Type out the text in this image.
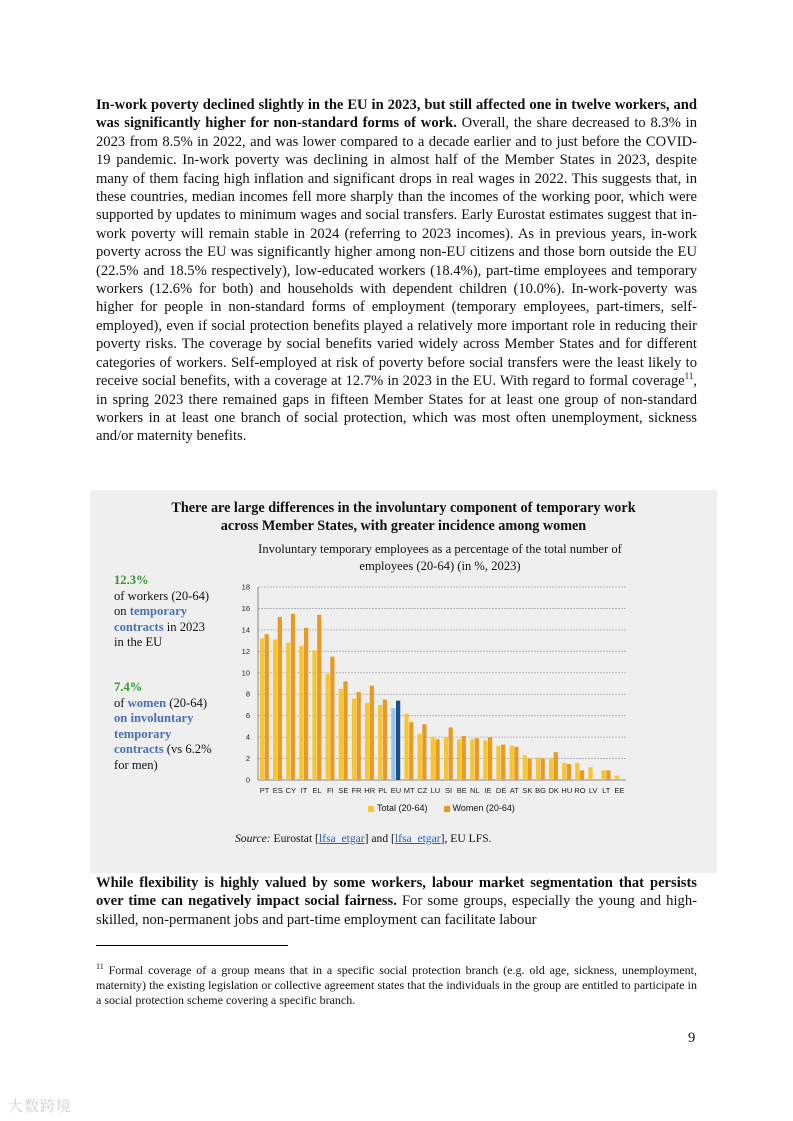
In-work poverty declined slightly in the EU in 2023, but still affected one in twelve workers, and was significantly higher for non-standard forms of work. Overall, the share decreased to 8.3% in 2023 from 8.5% in 2022, and was lower compared to a decade earlier and to just before the COVID-19 pandemic. In-work poverty was declining in almost half of the Member States in 2023, despite many of them facing high inflation and significant drops in real wages in 2022. This suggests that, in these countries, median incomes fell more sharply than the incomes of the working poor, which were supported by updates to minimum wages and social transfers. Early Eurostat estimates suggest that in-work poverty will remain stable in 2024 (referring to 2023 incomes). As in previous years, in-work poverty across the EU was significantly higher among non-EU citizens and those born outside the EU (22.5% and 18.5% respectively), low-educated workers (18.4%), part-time employees and temporary workers (12.6% for both) and households with dependent children (10.0%). In-work-poverty was higher for people in non-standard forms of employment (temporary employees, part-timers, self-employed), even if social protection benefits played a relatively more important role in reducing their poverty risks. The coverage by social benefits varied widely across Member States and for different categories of workers. Self-employed at risk of poverty before social transfers were the least likely to receive social benefits, with a coverage at 12.7% in 2023 in the EU. With regard to formal coverage$^{11}$, in spring 2023 there remained gaps in fifteen Member States for at least one group of non-standard workers in at least one branch of social protection, which was most often unemployment, sickness and/or maternity benefits.
There are large differences in the involuntary component of temporary work
across Member States, with greater incidence among women
Involuntary temporary employees as a percentage of the total number of employees (20-64) (in %, 2023)
12.3%
of workers (20-64)
on temporary
contracts in 2023
in the EU
7.4%
of women (20-64)
on involuntary
temporary
contracts (vs 6.2%
for men)
0
2
4
6
8
10
12
14
16
18
PT ES CY IT EL FI SE FR HR PL EU MT CZ LU SI BE NL IE DE AT SK BG DK HU RO LV LT EE
Total (20-64)	Women (20-64)
Source: Eurostat [lfsa_etgar] and [lfsa_etgar], EU LFS.
While flexibility is highly valued by some workers, labour market segmentation that persists over time can negatively impact social fairness. For some groups, especially the young and high-skilled, non-permanent jobs and part-time employment can facilitate labour
$^{11}$ Formal coverage of a group means that in a specific social protection branch (e.g. old age, sickness, unemployment, maternity) the existing legislation or collective agreement states that the individuals in the group are entitled to participate in a social protection scheme covering a specific branch.
9
大数跨境
